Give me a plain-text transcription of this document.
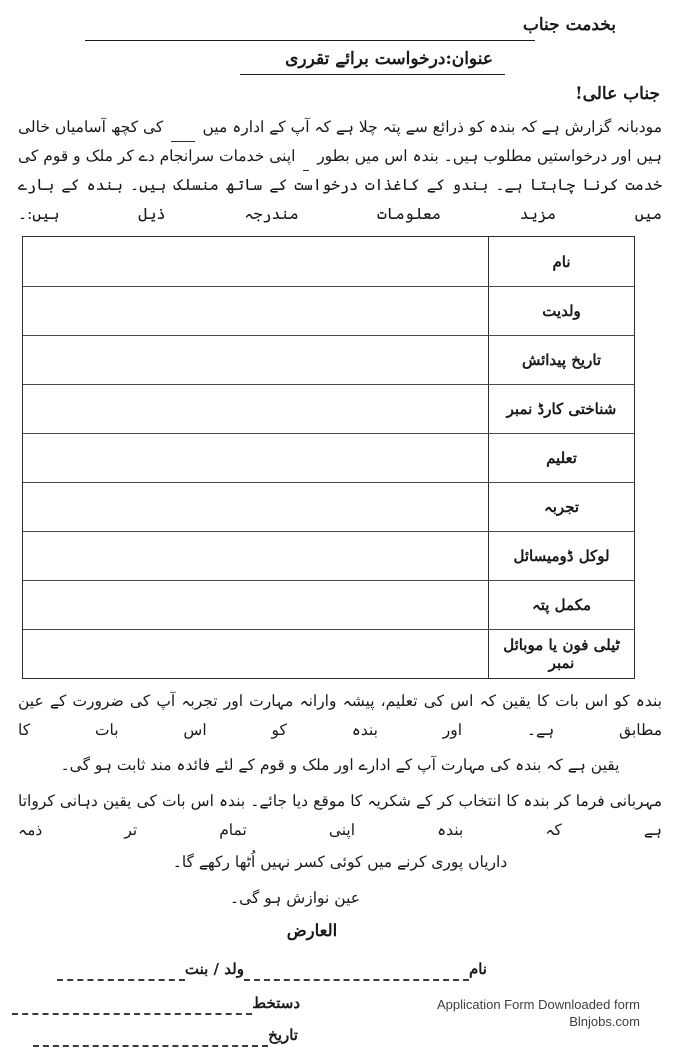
بخدمت جناب
عنوان:درخواست برائے تقرری
جناب عالی!
مودبانہ گزارش ہے کہ بندہ کو ذرائع سے پتہ چلا ہے کہ آپ کے ادارہ میں
کی کچھ آسامیاں خالی
ہیں اور درخواستیں مطلوب ہیں۔ بندہ اس میں بطور
اپنی خدمات سرانجام دے کر ملک و قوم کی
خدمت کرنا چاہتا ہے۔ بندو کے کاغذات درخواست کے ساتھ منسلک ہیں۔ بندہ کے بارے میں مزید معلومات مندرجہ ذیل ہیں:۔
نام
ولدیت
تاریخ پیدائش
شناختی کارڈ نمبر
تعلیم
تجربہ
لوکل ڈومیسائل
مکمل پتہ
ٹیلی فون یا موبائل نمبر
بندہ کو اس بات کا یقین کہ اس کی تعلیم، پیشہ وارانہ مہارت اور تجربہ آپ کی ضرورت کے عین مطابق ہے۔ اور بندہ کو اس بات کا
یقین ہے کہ بندہ کی مہارت آپ کے ادارے اور ملک و قوم کے لئے فائدہ مند ثابت ہو گی۔
مہربانی فرما کر بندہ کا انتخاب کر کے شکریہ کا موقع دیا جائے۔ بندہ اس بات کی یقین دہانی کرواتا ہے کہ بندہ اپنی تمام تر ذمہ
داریاں پوری کرنے میں کوئی کسر نہیں اُٹھا رکھے گا۔
عین نوازش ہو گی۔
العارض
نام
ولد / بنت
دستخط
تاریخ
Application Form Downloaded form
Blnjobs.com
